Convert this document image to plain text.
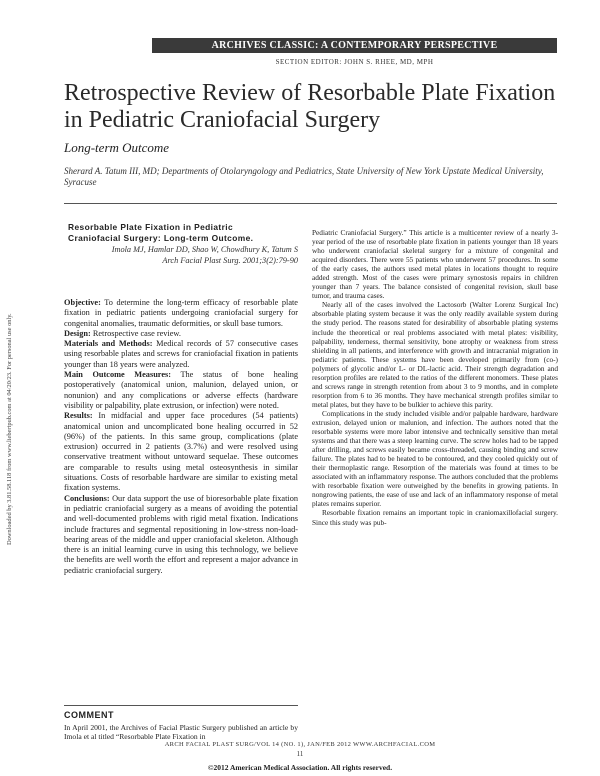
ARCHIVES CLASSIC: A CONTEMPORARY PERSPECTIVE
SECTION EDITOR: JOHN S. RHEE, MD, MPH
Retrospective Review of Resorbable Plate Fixation in Pediatric Craniofacial Surgery
Long-term Outcome
Sherard A. Tatum III, MD; Departments of Otolaryngology and Pediatrics, State University of New York Upstate Medical University, Syracuse
Downloaded by 3.81.58.118 from www.liebertpub.com at 04/20/23. For personal use only.
Resorbable Plate Fixation in Pediatric
Craniofacial Surgery: Long-term Outcome.
Imola MJ, Hamlar DD, Shao W, Chowdhury K, Tatum S
Arch Facial Plast Surg. 2001;3(2):79-90

Objective: To determine the long-term efficacy of resorbable plate fixation in pediatric patients undergoing craniofacial surgery for congenital anomalies, traumatic deformities, or skull base tumors.

Design: Retrospective case review.

Materials and Methods: Medical records of 57 consecutive cases using resorbable plates and screws for craniofacial fixation in patients younger than 18 years were analyzed.

Main Outcome Measures: The status of bone healing postoperatively (anatomical union, malunion, delayed union, or nonunion) and any complications or adverse effects (hardware visibility or palpability, plate extrusion, or infection) were noted.

Results: In midfacial and upper face procedures (54 patients) anatomical union and uncomplicated bone healing occurred in 52 (96%) of the patients. In this same group, complications (plate extrusion) occurred in 2 patients (3.7%) and were resolved using conservative treatment without untoward sequelae. These outcomes are comparable to results using metal osteosynthesis in similar situations. Costs of resorbable hardware are similar to existing metal fixation systems.

Conclusions: Our data support the use of bioresorbable plate fixation in pediatric craniofacial surgery as a means of avoiding the potential and well-documented problems with rigid metal fixation. Indications include fractures and segmental repositioning in low-stress non-load-bearing areas of the middle and upper craniofacial skeleton. Although there is an initial learning curve in using this technology, we believe the benefits are well worth the effort and represent a major advance in pediatric craniofacial surgery.

COMMENT

In April 2001, the Archives of Facial Plastic Surgery published an article by Imola et al titled “Resorbable Plate Fixation in

Pediatric Craniofacial Surgery.” This article is a multicenter review of a nearly 3-year period of the use of resorbable plate fixation in patients younger than 18 years who underwent craniofacial skeletal surgery for a mixture of congenital and acquired disorders. There were 55 patients who underwent 57 procedures. In some of the early cases, the authors used metal plates in locations thought to require added strength. Most of the cases were primary synostosis repairs in children younger than 7 years. The balance consisted of congenital revision, skull base tumor, and trauma cases.

Nearly all of the cases involved the Lactosorb (Walter Lorenz Surgical Inc) absorbable plating system because it was the only readily available system during the study period. The reasons stated for desirability of absorbable plating systems include the theoretical or real problems associated with metal plates: visibility, palpability, tenderness, thermal sensitivity, bone atrophy or weakness from stress shielding in all patients, and interference with growth and intracranial migration in pediatric patients. These systems have been developed primarily from (co-) polymers of glycolic and/or L- or DL-lactic acid. Their strength degradation and resorption profiles are related to the ratios of the different monomers. These plates and screws range in strength retention from about 3 to 9 months, and in complete resorption from 6 to 36 months. They have mechanical strength profiles similar to metal plates, but they have to be bulkier to achieve this parity.

Complications in the study included visible and/or palpable hardware, hardware extrusion, delayed union or malunion, and infection. The authors noted that the resorbable systems were more labor intensive and technically sensitive than metal systems and that there was a steep learning curve. The screw holes had to be tapped after drilling, and screws easily became cross-threaded, causing binding and screw failure. The plates had to be heated to be contoured, and they cooled quickly out of their thermoplastic range. Resorption of the materials was found at times to be associated with an inflammatory response. The authors concluded that the problems with resorbable fixation were outweighed by the benefits in growing patients. In nongrowing patients, the ease of use and lack of an inflammatory response of metal plates remains superior.

Resorbable fixation remains an important topic in craniomaxillofacial surgery. Since this study was pub-

ARCH FACIAL PLAST SURG/VOL 14 (NO. 1), JAN/FEB 2012 WWW.ARCHFACIAL.COM
11
©2012 American Medical Association. All rights reserved.
